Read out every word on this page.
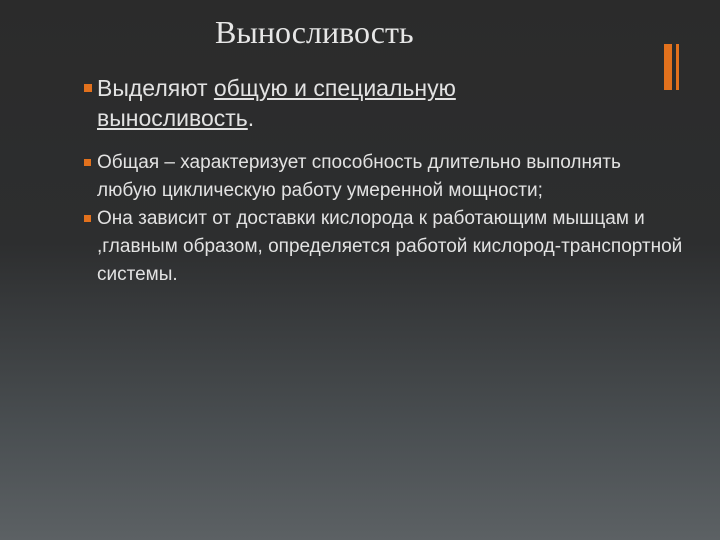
Выносливость
Выделяют общую и специальную
выносливость.
Общая – характеризует способность длительно выполнять любую циклическую работу умеренной мощности;
Она зависит от доставки кислорода к работающим мышцам и ,главным образом, определяется работой кислород-транспортной системы.
